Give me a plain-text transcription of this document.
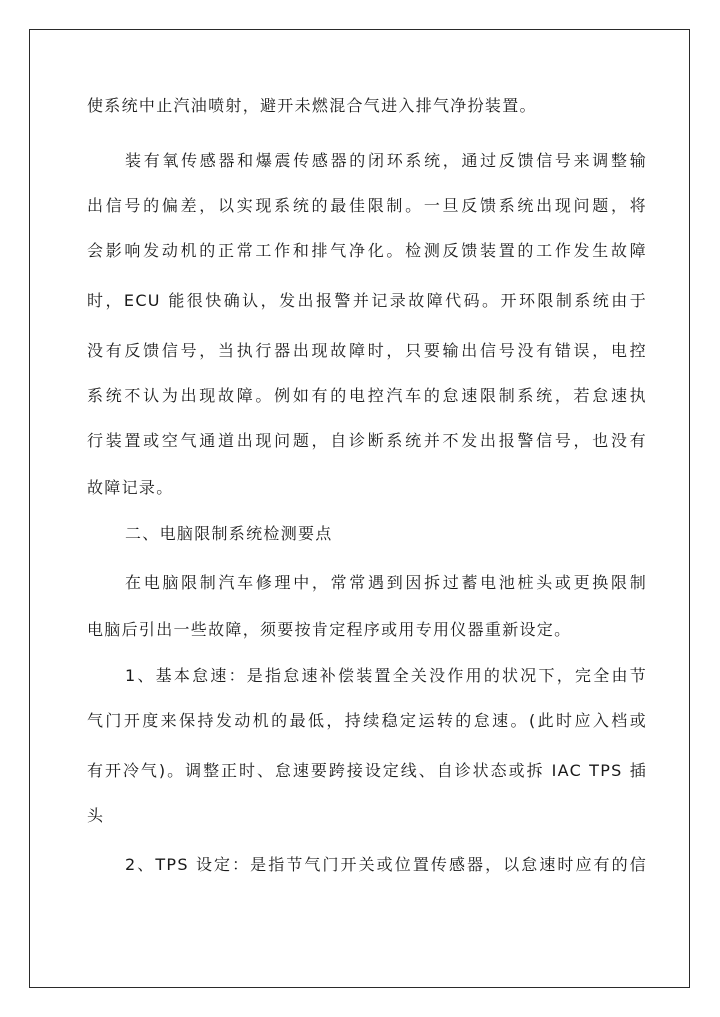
使系统中止汽油喷射，避开未燃混合气进入排气净扮装置。
装有氧传感器和爆震传感器的闭环系统，通过反馈信号来调整输
出信号的偏差，以实现系统的最佳限制。一旦反馈系统出现问题，将
会影响发动机的正常工作和排气净化。检测反馈装置的工作发生故障
时，ECU 能很快确认，发出报警并记录故障代码。开环限制系统由于
没有反馈信号，当执行器出现故障时，只要输出信号没有错误，电控
系统不认为出现故障。例如有的电控汽车的怠速限制系统，若怠速执
行装置或空气通道出现问题，自诊断系统并不发出报警信号，也没有
故障记录。
二、电脑限制系统检测要点
在电脑限制汽车修理中，常常遇到因拆过蓄电池桩头或更换限制
电脑后引出一些故障，须要按肯定程序或用专用仪器重新设定。
1、基本怠速：是指怠速补偿装置全关没作用的状况下，完全由节
气门开度来保持发动机的最低，持续稳定运转的怠速。(此时应入档或
有开冷气)。调整正时、怠速要跨接设定线、自诊状态或拆 IAC TPS 插
头
2、TPS 设定：是指节气门开关或位置传感器，以怠速时应有的信
